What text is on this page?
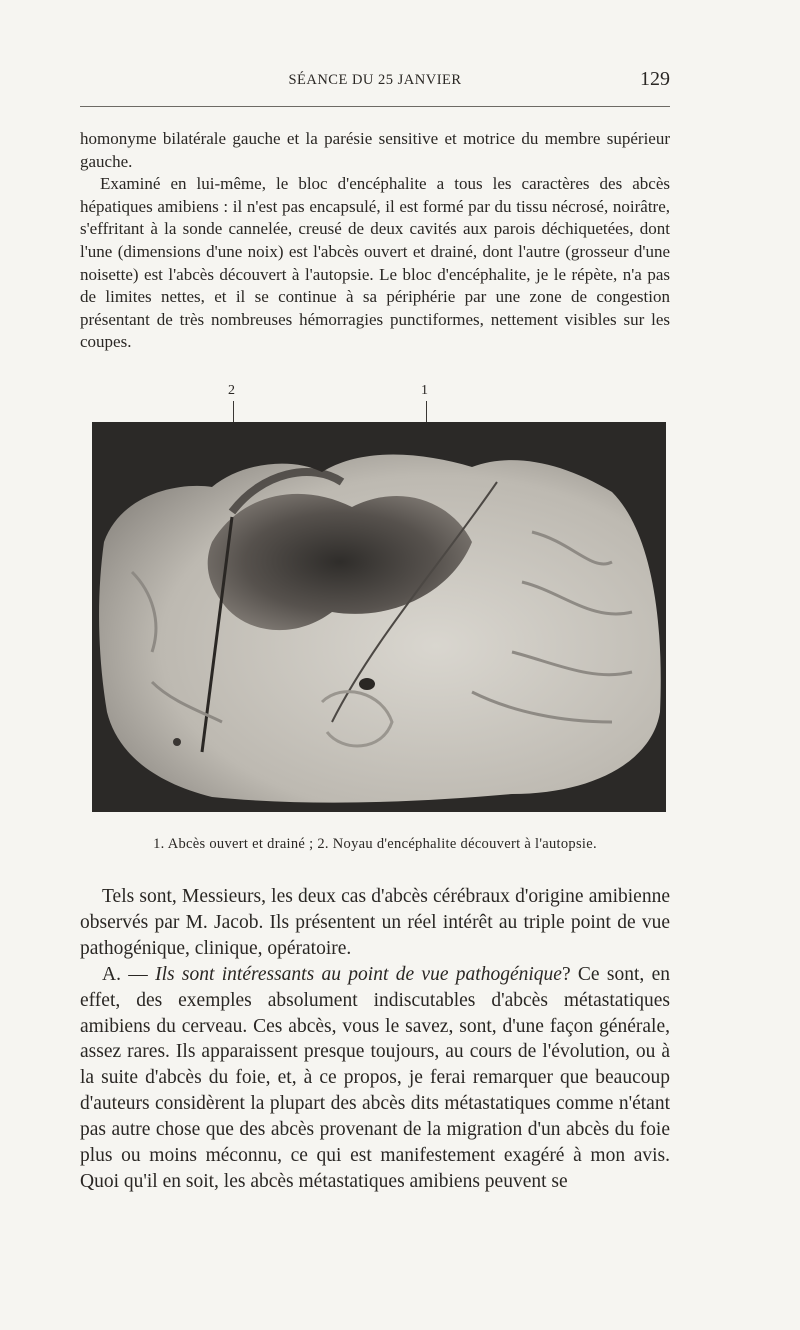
SÉANCE DU 25 JANVIER	129

homonyme bilatérale gauche et la parésie sensitive et motrice du membre supérieur gauche.

Examiné en lui-même, le bloc d'encéphalite a tous les caractères des abcès hépatiques amibiens : il n'est pas encapsulé, il est formé par du tissu nécrosé, noirâtre, s'effritant à la sonde cannelée, creusé de deux cavités aux parois déchiquetées, dont l'une (dimensions d'une noix) est l'abcès ouvert et drainé, dont l'autre (grosseur d'une noisette) est l'abcès découvert à l'autopsie. Le bloc d'encéphalite, je le répète, n'a pas de limites nettes, et il se continue à sa périphérie par une zone de congestion présentant de très nombreuses hémorragies punctiformes, nettement visibles sur les coupes.

2	1
1. Abcès ouvert et drainé ; 2. Noyau d'encéphalite découvert à l'autopsie.

Tels sont, Messieurs, les deux cas d'abcès cérébraux d'origine amibienne observés par M. Jacob. Ils présentent un réel intérêt au triple point de vue pathogénique, clinique, opératoire.

A. — Ils sont intéressants au point de vue pathogénique? Ce sont, en effet, des exemples absolument indiscutables d'abcès métastatiques amibiens du cerveau. Ces abcès, vous le savez, sont, d'une façon générale, assez rares. Ils apparaissent presque toujours, au cours de l'évolution, ou à la suite d'abcès du foie, et, à ce propos, je ferai remarquer que beaucoup d'auteurs considèrent la plupart des abcès dits métastatiques comme n'étant pas autre chose que des abcès provenant de la migration d'un abcès du foie plus ou moins méconnu, ce qui est manifestement exagéré à mon avis. Quoi qu'il en soit, les abcès métastatiques amibiens peuvent se
